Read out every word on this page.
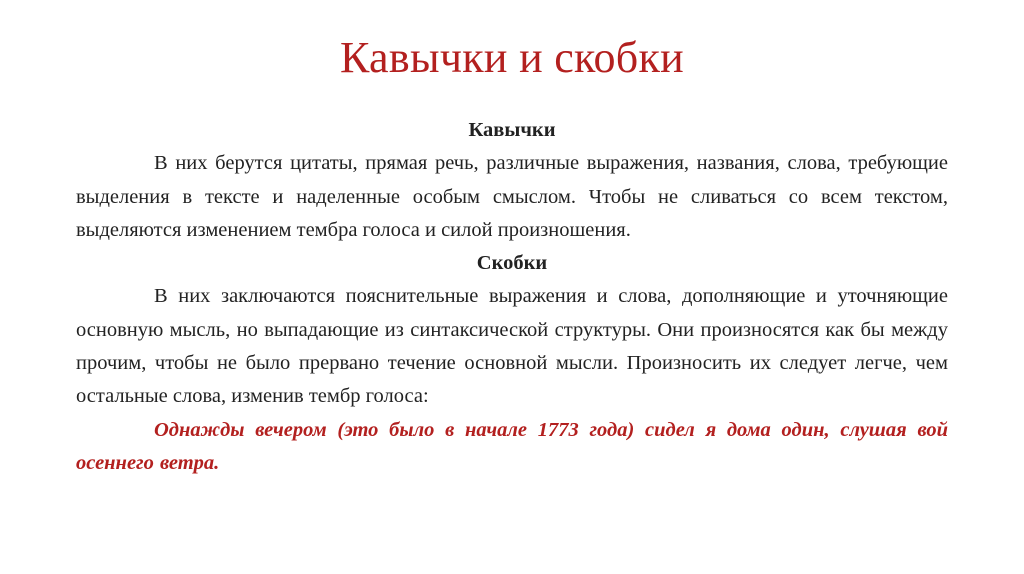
Кавычки и скобки

Кавычки

В них берутся цитаты, прямая речь, различные выражения, названия, слова, требующие выделения в тексте и наделенные особым смыслом. Чтобы не сливаться со всем текстом, выделяются изменением тембра голоса и силой произношения.

Скобки

В них заключаются пояснительные выражения и слова, дополняющие и уточняющие основную мысль, но выпадающие из синтаксической структуры. Они произносятся как бы между прочим, чтобы не было прервано течение основной мысли. Произносить их следует легче, чем остальные слова, изменив тембр голоса:

Однажды вечером (это было в начале 1773 года) сидел я дома один, слушая вой осеннего ветра.
